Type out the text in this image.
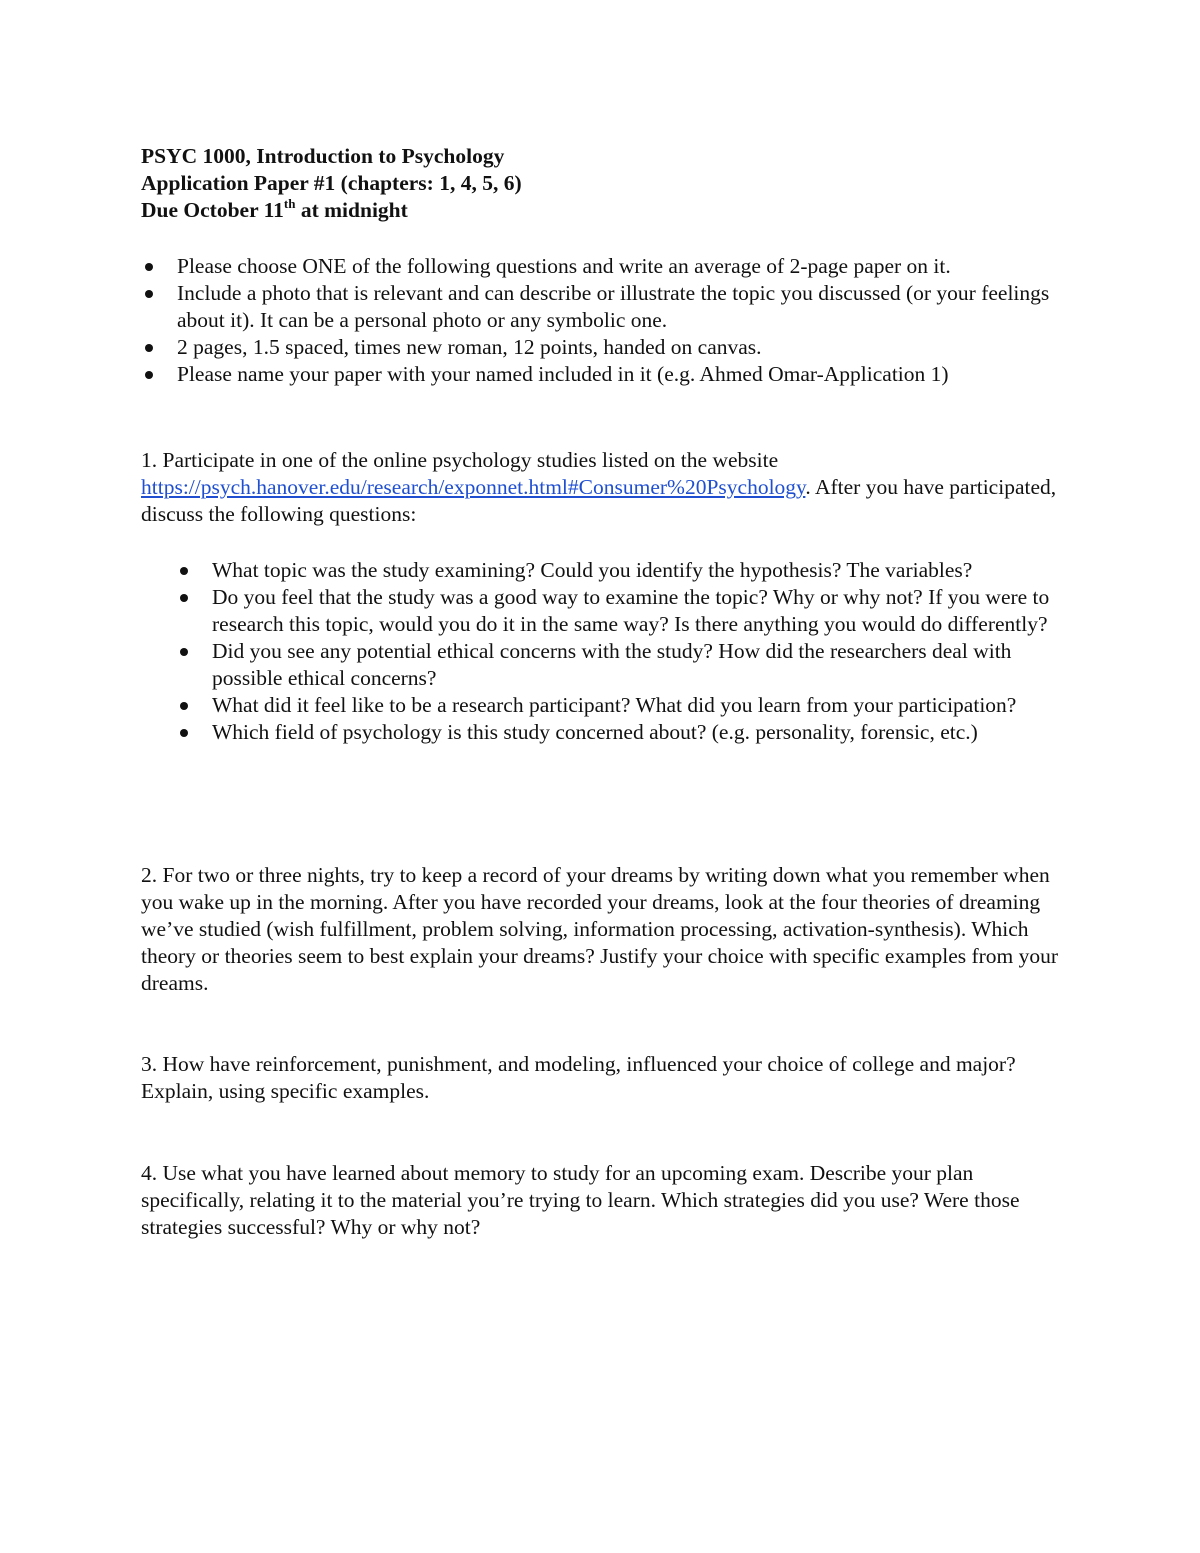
PSYC 1000, Introduction to Psychology
Application Paper #1 (chapters: 1, 4, 5, 6)
Due October 11th at midnight
Please choose ONE of the following questions and write an average of 2-page paper on it.
Include a photo that is relevant and can describe or illustrate the topic you discussed (or your feelings about it). It can be a personal photo or any symbolic one.
2 pages, 1.5 spaced, times new roman, 12 points, handed on canvas.
Please name your paper with your named included in it (e.g. Ahmed Omar-Application 1)

1. Participate in one of the online psychology studies listed on the website
https://psych.hanover.edu/research/exponnet.html#Consumer%20Psychology. After you have participated, discuss the following questions:

What topic was the study examining? Could you identify the hypothesis? The variables?
Do you feel that the study was a good way to examine the topic? Why or why not? If you were to research this topic, would you do it in the same way? Is there anything you would do differently?
Did you see any potential ethical concerns with the study? How did the researchers deal with possible ethical concerns?
What did it feel like to be a research participant? What did you learn from your participation?
Which field of psychology is this study concerned about? (e.g. personality, forensic, etc.)

2. For two or three nights, try to keep a record of your dreams by writing down what you remember when you wake up in the morning. After you have recorded your dreams, look at the four theories of dreaming we’ve studied (wish fulfillment, problem solving, information processing, activation-synthesis). Which theory or theories seem to best explain your dreams? Justify your choice with specific examples from your dreams.

3. How have reinforcement, punishment, and modeling, influenced your choice of college and major? Explain, using specific examples.

4. Use what you have learned about memory to study for an upcoming exam. Describe your plan specifically, relating it to the material you’re trying to learn. Which strategies did you use? Were those strategies successful? Why or why not?
